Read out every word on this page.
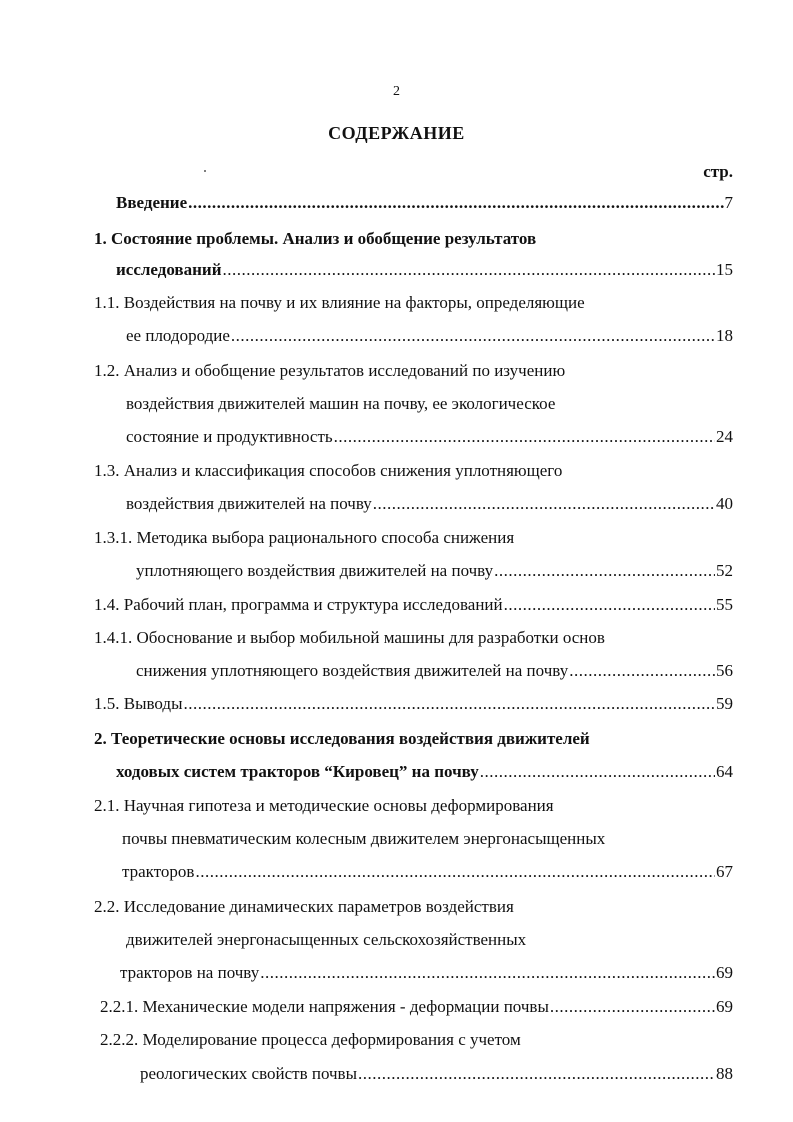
2
СОДЕРЖАНИЕ
стр.
Введение .....	7
1. Состояние проблемы. Анализ и обобщение результатов
исследований .....	15
1.1. Воздействия на почву и их влияние на факторы, определяющие
ее плодородие .....	18
1.2. Анализ и обобщение результатов исследований по изучению
воздействия движителей машин на почву, ее экологическое
состояние и продуктивность .....	24
1.3. Анализ и классификация способов снижения уплотняющего
воздействия движителей на почву .....	40
1.3.1. Методика выбора рационального способа снижения
уплотняющего воздействия движителей на почву .....	52
1.4. Рабочий план, программа и структура исследований .....	55
1.4.1. Обоснование и выбор мобильной машины для разработки основ
снижения уплотняющего воздействия движителей на почву .....	56
1.5. Выводы .....	59
2. Теоретические основы исследования воздействия движителей
ходовых систем тракторов “Кировец” на почву .....	64
2.1. Научная гипотеза и методические основы деформирования
почвы пневматическим колесным движителем энергонасыщенных
тракторов .....	67
2.2. Исследование динамических параметров воздействия
движителей энергонасыщенных сельскохозяйственных
тракторов на почву .....	69
2.2.1. Механические модели напряжения - деформации почвы .....	69
2.2.2. Моделирование процесса деформирования с учетом
реологических свойств почвы .....	88
